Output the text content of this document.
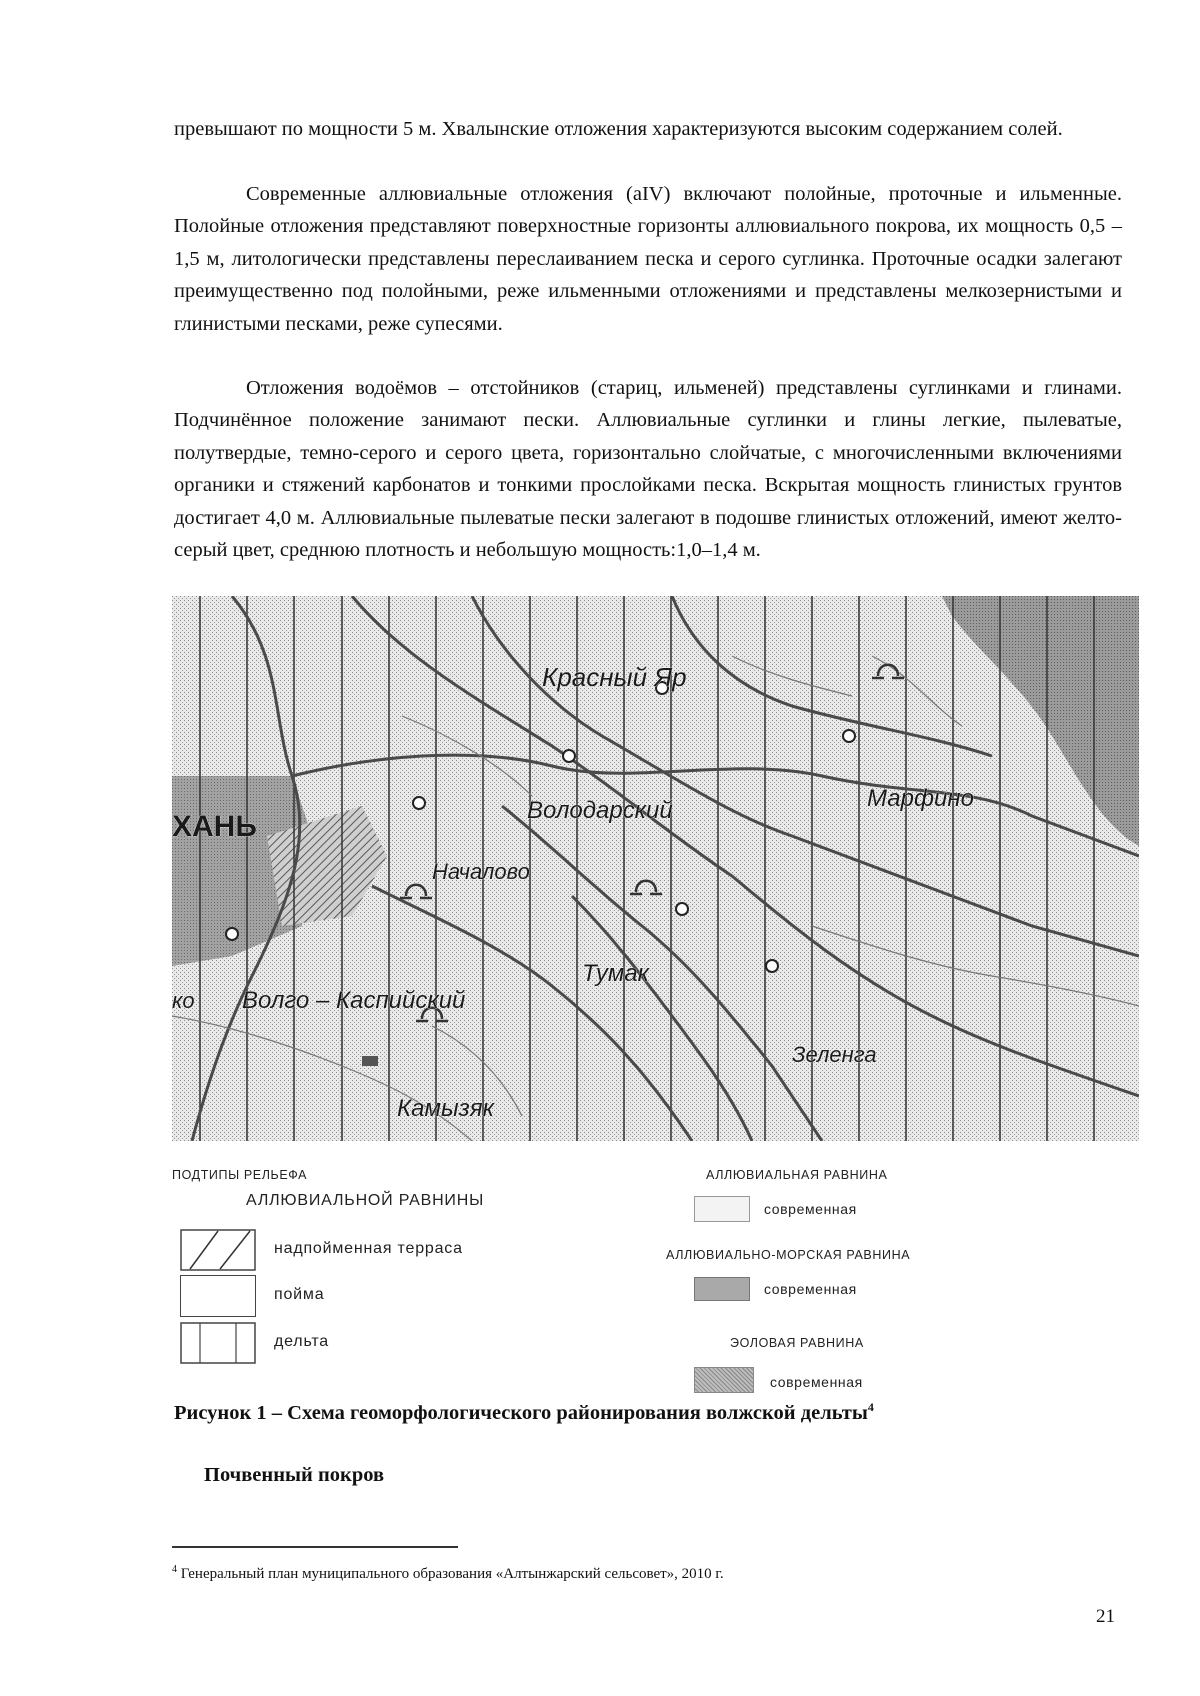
превышают по мощности 5 м. Хвалынские отложения характеризуются высоким содержанием солей.

Современные аллювиальные отложения (aIV) включают полойные, проточные и ильменные. Полойные отложения представляют поверхностные горизонты аллювиального покрова, их мощность 0,5 – 1,5 м, литологически представлены переслаиванием песка и серого суглинка. Проточные осадки залегают преимущественно под полойными, реже ильменными отложениями и представлены мелкозернистыми и глинистыми песками, реже супесями.

Отложения водоёмов – отстойников (стариц, ильменей) представлены суглинками и глинами. Подчинённое положение занимают пески. Аллювиальные суглинки и глины легкие, пылеватые, полутвердые, темно-серого и серого цвета, горизонтально слойчатые, с многочисленными включениями органики и стяжений карбонатов и тонкими прослойками песка. Вскрытая мощность глинистых грунтов достигает 4,0 м. Аллювиальные пылеватые пески залегают в подошве глинистых отложений, имеют желто-серый цвет, среднюю плотность и небольшую мощность:1,0–1,4 м.

Красный Яр
Володарский	Марфино
ХАНЬ
Началово
Тумак
ко Волго – Каспийский
Зеленга
Камызяк
ПОДТИПЫ РЕЛЬЕФА
АЛЛЮВИАЛЬНОЙ РАВНИНЫ
надпойменная терраса
пойма
дельта
АЛЛЮВИАЛЬНАЯ РАВНИНА
современная
АЛЛЮВИАЛЬНО-МОРСКАЯ РАВНИНА
современная
ЭОЛОВАЯ РАВНИНА
современная

Рисунок 1 – Схема геоморфологического районирования волжской дельты$^4$

Почвенный покров

$^4$ Генеральный план муниципального образования «Алтынжарский сельсовет», 2010 г.

21
